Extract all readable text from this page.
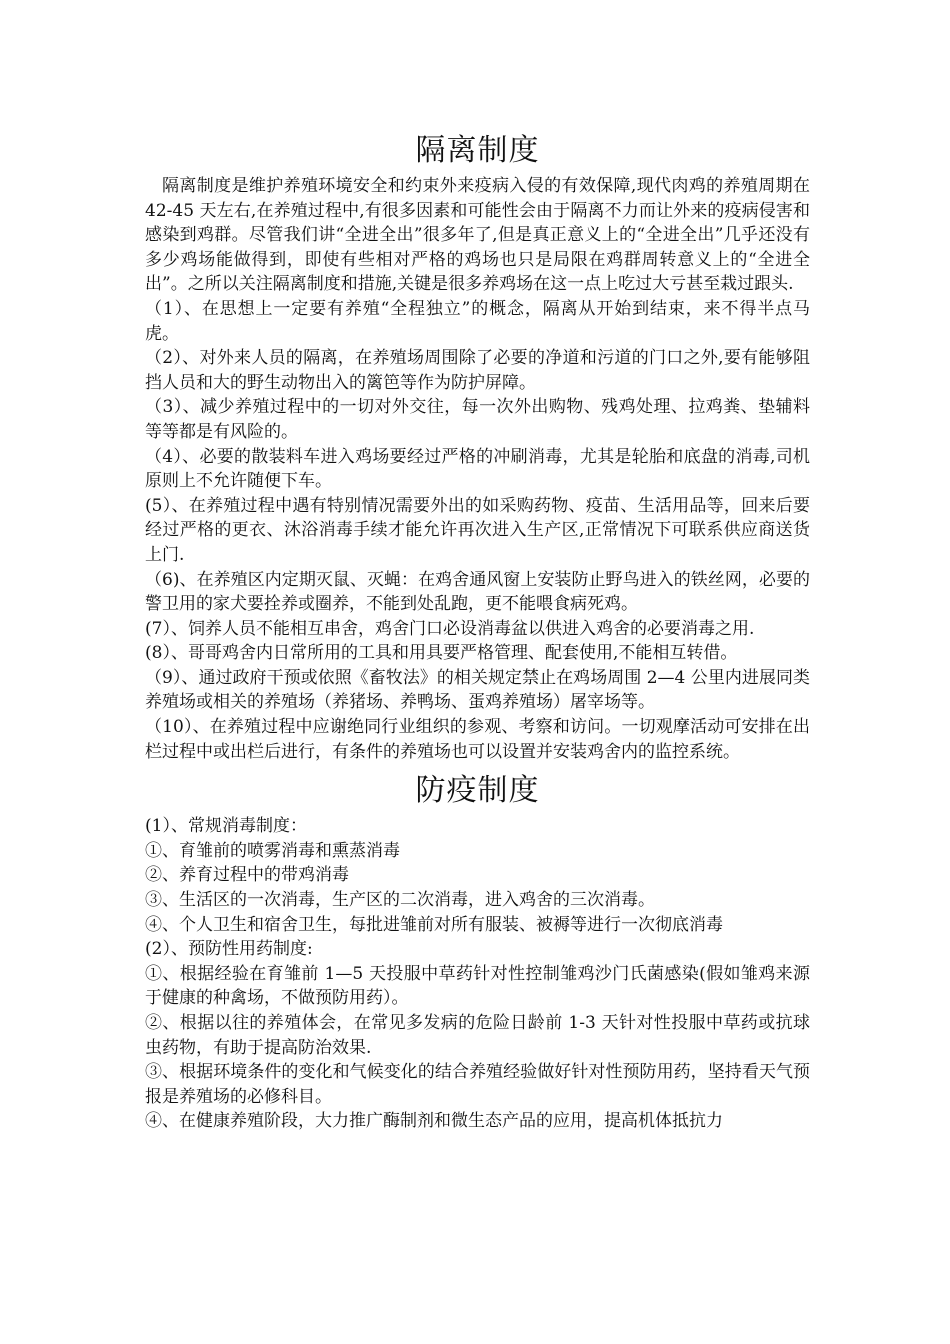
隔离制度

隔离制度是维护养殖环境安全和约束外来疫病入侵的有效保障,现代肉鸡的养殖周期在 42-45 天左右,在养殖过程中,有很多因素和可能性会由于隔离不力而让外来的疫病侵害和感染到鸡群。尽管我们讲“全进全出”很多年了,但是真正意义上的“全进全出”几乎还没有多少鸡场能做得到，即使有些相对严格的鸡场也只是局限在鸡群周转意义上的“全进全出”。之所以关注隔离制度和措施,关键是很多养鸡场在这一点上吃过大亏甚至栽过跟头.

（1）、在思想上一定要有养殖“全程独立”的概念，隔离从开始到结束，来不得半点马虎。

（2）、对外来人员的隔离，在养殖场周围除了必要的净道和污道的门口之外,要有能够阻挡人员和大的野生动物出入的篱笆等作为防护屏障。

（3）、减少养殖过程中的一切对外交往，每一次外出购物、残鸡处理、拉鸡粪、垫辅料等等都是有风险的。

（4）、必要的散装料车进入鸡场要经过严格的冲刷消毒，尤其是轮胎和底盘的消毒,司机原则上不允许随便下车。

(5）、在养殖过程中遇有特别情况需要外出的如采购药物、疫苗、生活用品等，回来后要经过严格的更衣、沐浴消毒手续才能允许再次进入生产区,正常情况下可联系供应商送货上门.

（6)、在养殖区内定期灭鼠、灭蝇：在鸡舍通风窗上安装防止野鸟进入的铁丝网，必要的警卫用的家犬要拴养或圈养，不能到处乱跑，更不能喂食病死鸡。

(7）、饲养人员不能相互串舍，鸡舍门口必设消毒盆以供进入鸡舍的必要消毒之用.

(8）、哥哥鸡舍内日常所用的工具和用具要严格管理、配套使用,不能相互转借。

（9）、通过政府干预或依照《畜牧法》的相关规定禁止在鸡场周围 2—4 公里内进展同类养殖场或相关的养殖场（养猪场、养鸭场、蛋鸡养殖场）屠宰场等。

（10）、在养殖过程中应谢绝同行业组织的参观、考察和访问。一切观摩活动可安排在出栏过程中或出栏后进行，有条件的养殖场也可以设置并安装鸡舍内的监控系统。

防疫制度

(1）、常规消毒制度：

①、育雏前的喷雾消毒和熏蒸消毒

②、养育过程中的带鸡消毒

③、生活区的一次消毒，生产区的二次消毒，进入鸡舍的三次消毒。

④、个人卫生和宿舍卫生，每批进雏前对所有服装、被褥等进行一次彻底消毒

(2）、预防性用药制度:

①、根据经验在育雏前 1—5 天投服中草药针对性控制雏鸡沙门氏菌感染(假如雏鸡来源于健康的种禽场，不做预防用药）。

②、根据以往的养殖体会，在常见多发病的危险日龄前 1-3 天针对性投服中草药或抗球虫药物，有助于提高防治效果.

③、根据环境条件的变化和气候变化的结合养殖经验做好针对性预防用药，坚持看天气预报是养殖场的必修科目。

④、在健康养殖阶段，大力推广酶制剂和微生态产品的应用，提高机体抵抗力
